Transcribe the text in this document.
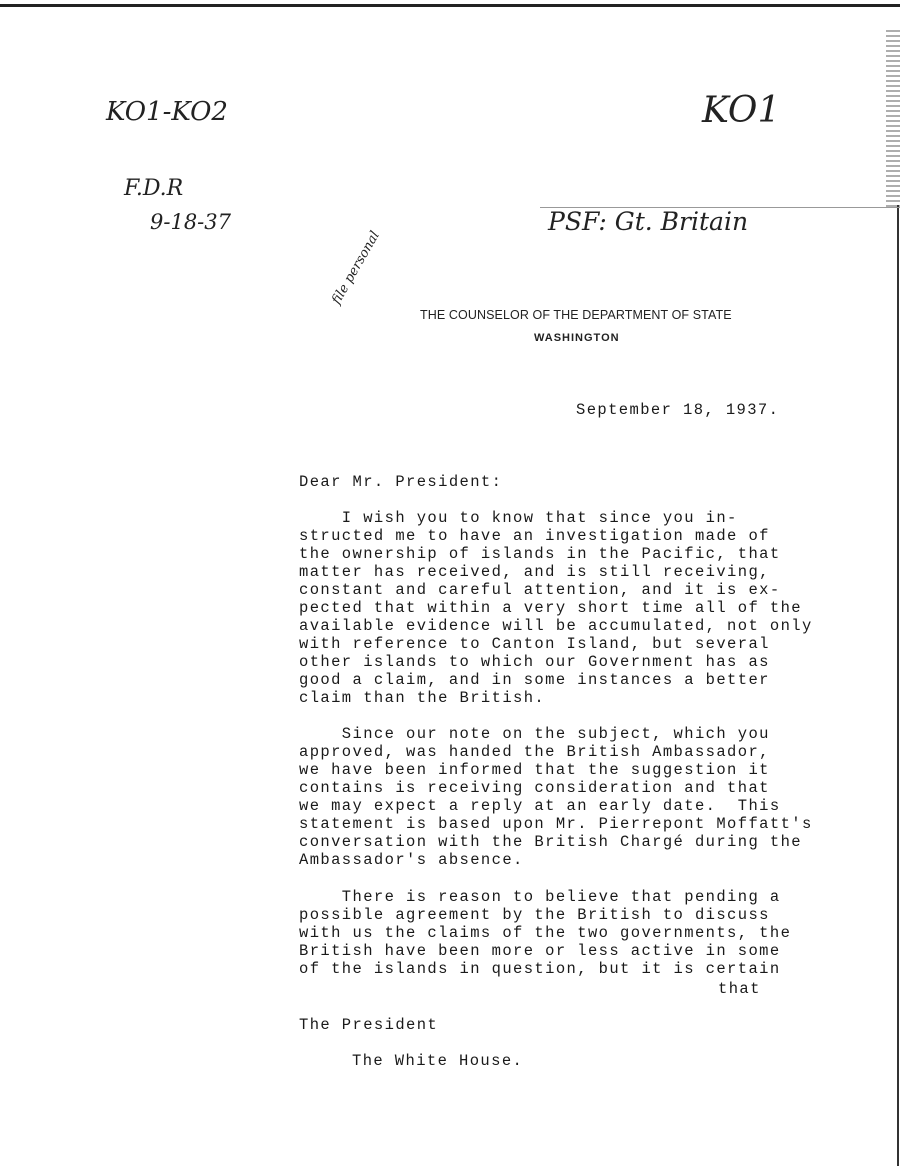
KO1-KO2
F.D.R
9-18-37
KO1
PSF: Gt. Britain
file personal
THE COUNSELOR OF THE DEPARTMENT OF STATE
WASHINGTON
September 18, 1937.
Dear Mr. President:
I wish you to know that since you in-
structed me to have an investigation made of
the ownership of islands in the Pacific, that
matter has received, and is still receiving,
constant and careful attention, and it is ex-
pected that within a very short time all of the
available evidence will be accumulated, not only
with reference to Canton Island, but several
other islands to which our Government has as
good a claim, and in some instances a better
claim than the British.
Since our note on the subject, which you
approved, was handed the British Ambassador,
we have been informed that the suggestion it
contains is receiving consideration and that
we may expect a reply at an early date.  This
statement is based upon Mr. Pierrepont Moffatt's
conversation with the British Chargé during the
Ambassador's absence.
There is reason to believe that pending a
possible agreement by the British to discuss
with us the claims of the two governments, the
British have been more or less active in some
of the islands in question, but it is certain
that
The President
The White House.
